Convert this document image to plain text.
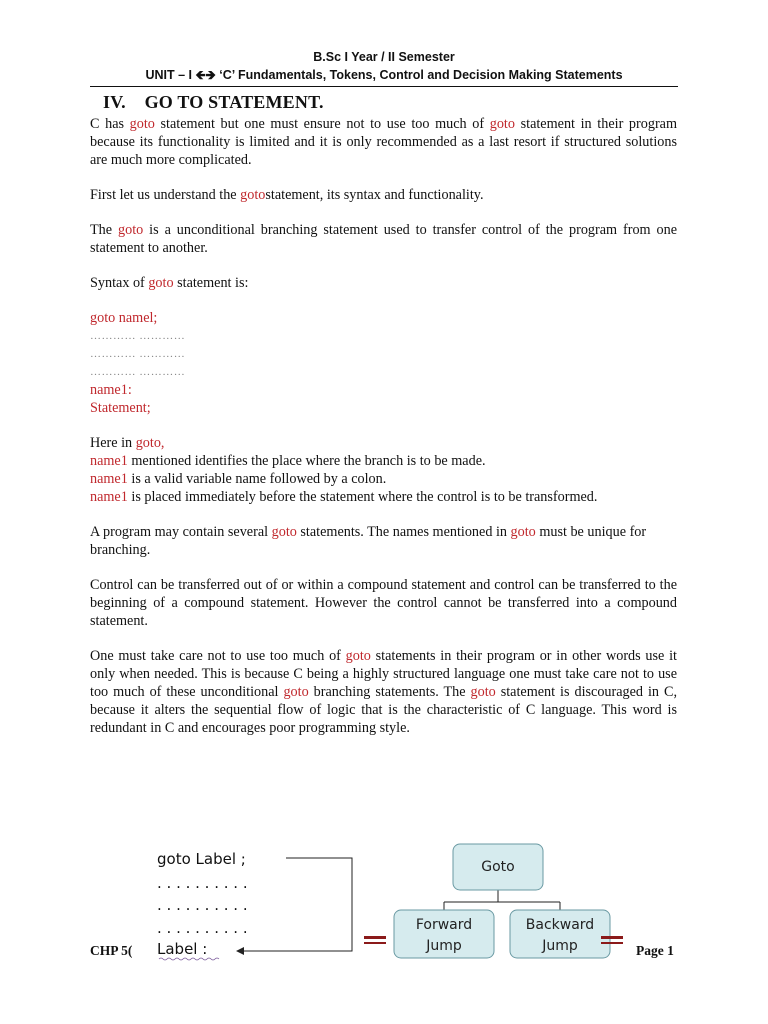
B.Sc I Year / II Semester
UNIT – I 🡸🡺 ‘C’ Fundamentals, Tokens, Control and Decision Making Statements
IV.    GO TO STATEMENT.

C has goto statement but one must ensure not to use too much of goto statement in their program because its functionality is limited and it is only recommended as a last resort if structured solutions are much more complicated.

First let us understand the gotostatement, its syntax and functionality.

The goto is a unconditional branching statement used to transfer control of the program from one statement to another.

Syntax of goto statement is:

goto namel;
………… …………
………… …………
………… …………
name1:
Statement;

Here in goto,
name1 mentioned identifies the place where the branch is to be made.
name1 is a valid variable name followed by a colon.
name1 is placed immediately before the statement where the control is to be transformed.

A program may contain several goto statements. The names mentioned in goto must be unique for branching.

Control can be transferred out of or within a compound statement and control can be transferred to the beginning of a compound statement. However the control cannot be transferred into a compound statement.

One must take care not to use too much of goto statements in their program or in other words use it only when needed. This is because C being a highly structured language one must take care not to use too much of these unconditional goto branching statements. The goto statement is discouraged in C, because it alters the sequential flow of logic that is the characteristic of C language. This word is redundant in C and encourages poor programming style.

goto Label ;
. . . . . . . . . .
. . . . . . . . . .
. . . . . . . . . .
Label :
Goto
Forward
Jump
Backward
Jump
CHP 5(	Page 1
